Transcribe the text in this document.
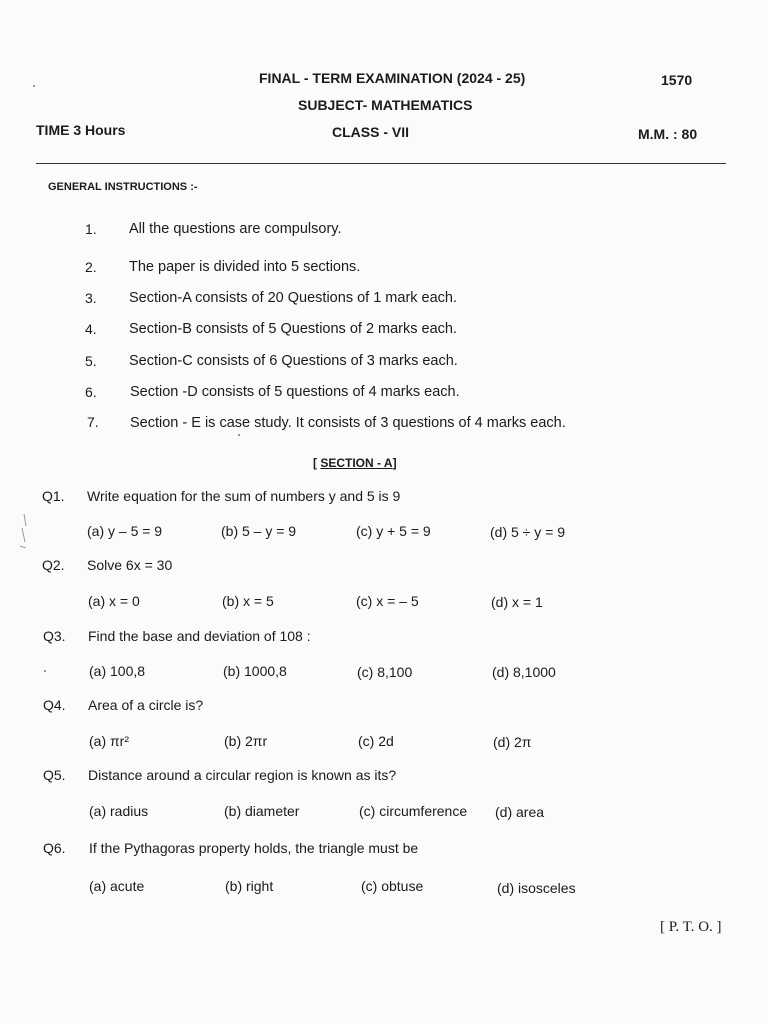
FINAL - TERM EXAMINATION (2024 - 25)	1570
SUBJECT- MATHEMATICS
TIME 3 Hours	CLASS - VII	M.M. : 80
GENERAL INSTRUCTIONS :-
1. All the questions are compulsory.
2. The paper is divided into 5 sections.
3. Section-A consists of 20 Questions of 1 mark each.
4. Section-B consists of 5 Questions of 2 marks each.
5. Section-C consists of 6 Questions of 3 marks each.
6. Section -D consists of 5 questions of 4 marks each.
7. Section - E is case study. It consists of 3 questions of 4 marks each.
[ SECTION - A]
Q1. Write equation for the sum of numbers y and 5 is 9
(a) y – 5 = 9	(b) 5 – y = 9	(c) y + 5 = 9	(d) 5 ÷ y = 9
Q2. Solve 6x = 30
(a) x = 0	(b) x = 5	(c) x = – 5	(d) x = 1
Q3. Find the base and deviation of 108 :
(a) 100,8	(b) 1000,8	(c) 8,100	(d) 8,1000
Q4. Area of a circle is?
(a) πr²	(b) 2πr	(c) 2d	(d) 2π
Q5. Distance around a circular region is known as its?
(a) radius	(b) diameter	(c) circumference (d) area
Q6. If the Pythagoras property holds, the triangle must be
(a) acute	(b) right	(c) obtuse	(d) isosceles
[ P. T. O. ]
